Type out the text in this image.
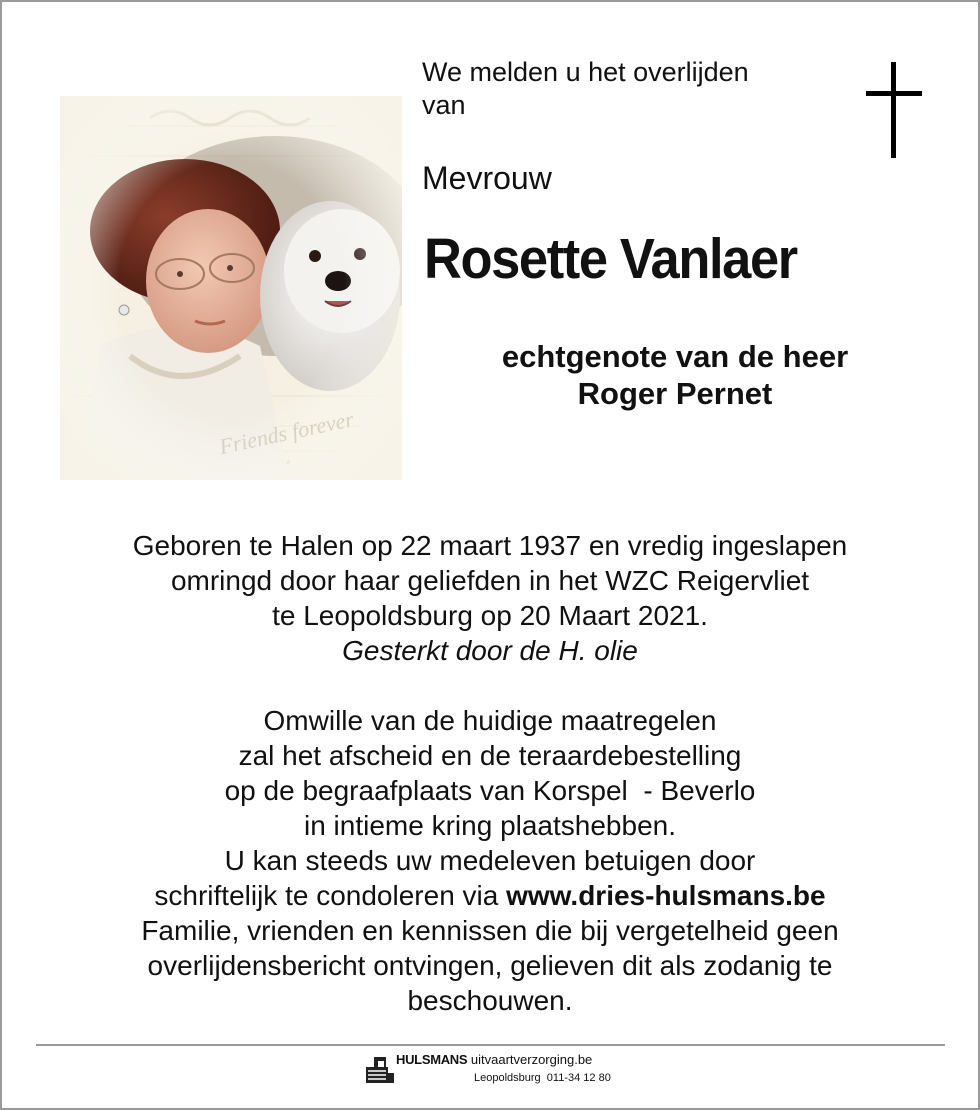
Friends forever
We melden u het overlijden
van
Mevrouw
Rosette Vanlaer
echtgenote van de heer
Roger Pernet
Geboren te Halen op 22 maart 1937 en vredig ingeslapen
omringd door haar geliefden in het WZC Reigervliet
te Leopoldsburg op 20 Maart 2021.
Gesterkt door de H. olie
Omwille van de huidige maatregelen
zal het afscheid en de teraardebestelling
op de begraafplaats van Korspel  - Beverlo
in intieme kring plaatshebben.
U kan steeds uw medeleven betuigen door
schriftelijk te condoleren via www.dries-hulsmans.be
Familie, vrienden en kennissen die bij vergetelheid geen
overlijdensbericht ontvingen, gelieven dit als zodanig te
beschouwen.
HULSMANS uitvaartverzorging.be
Leopoldsburg 011-34 12 80
